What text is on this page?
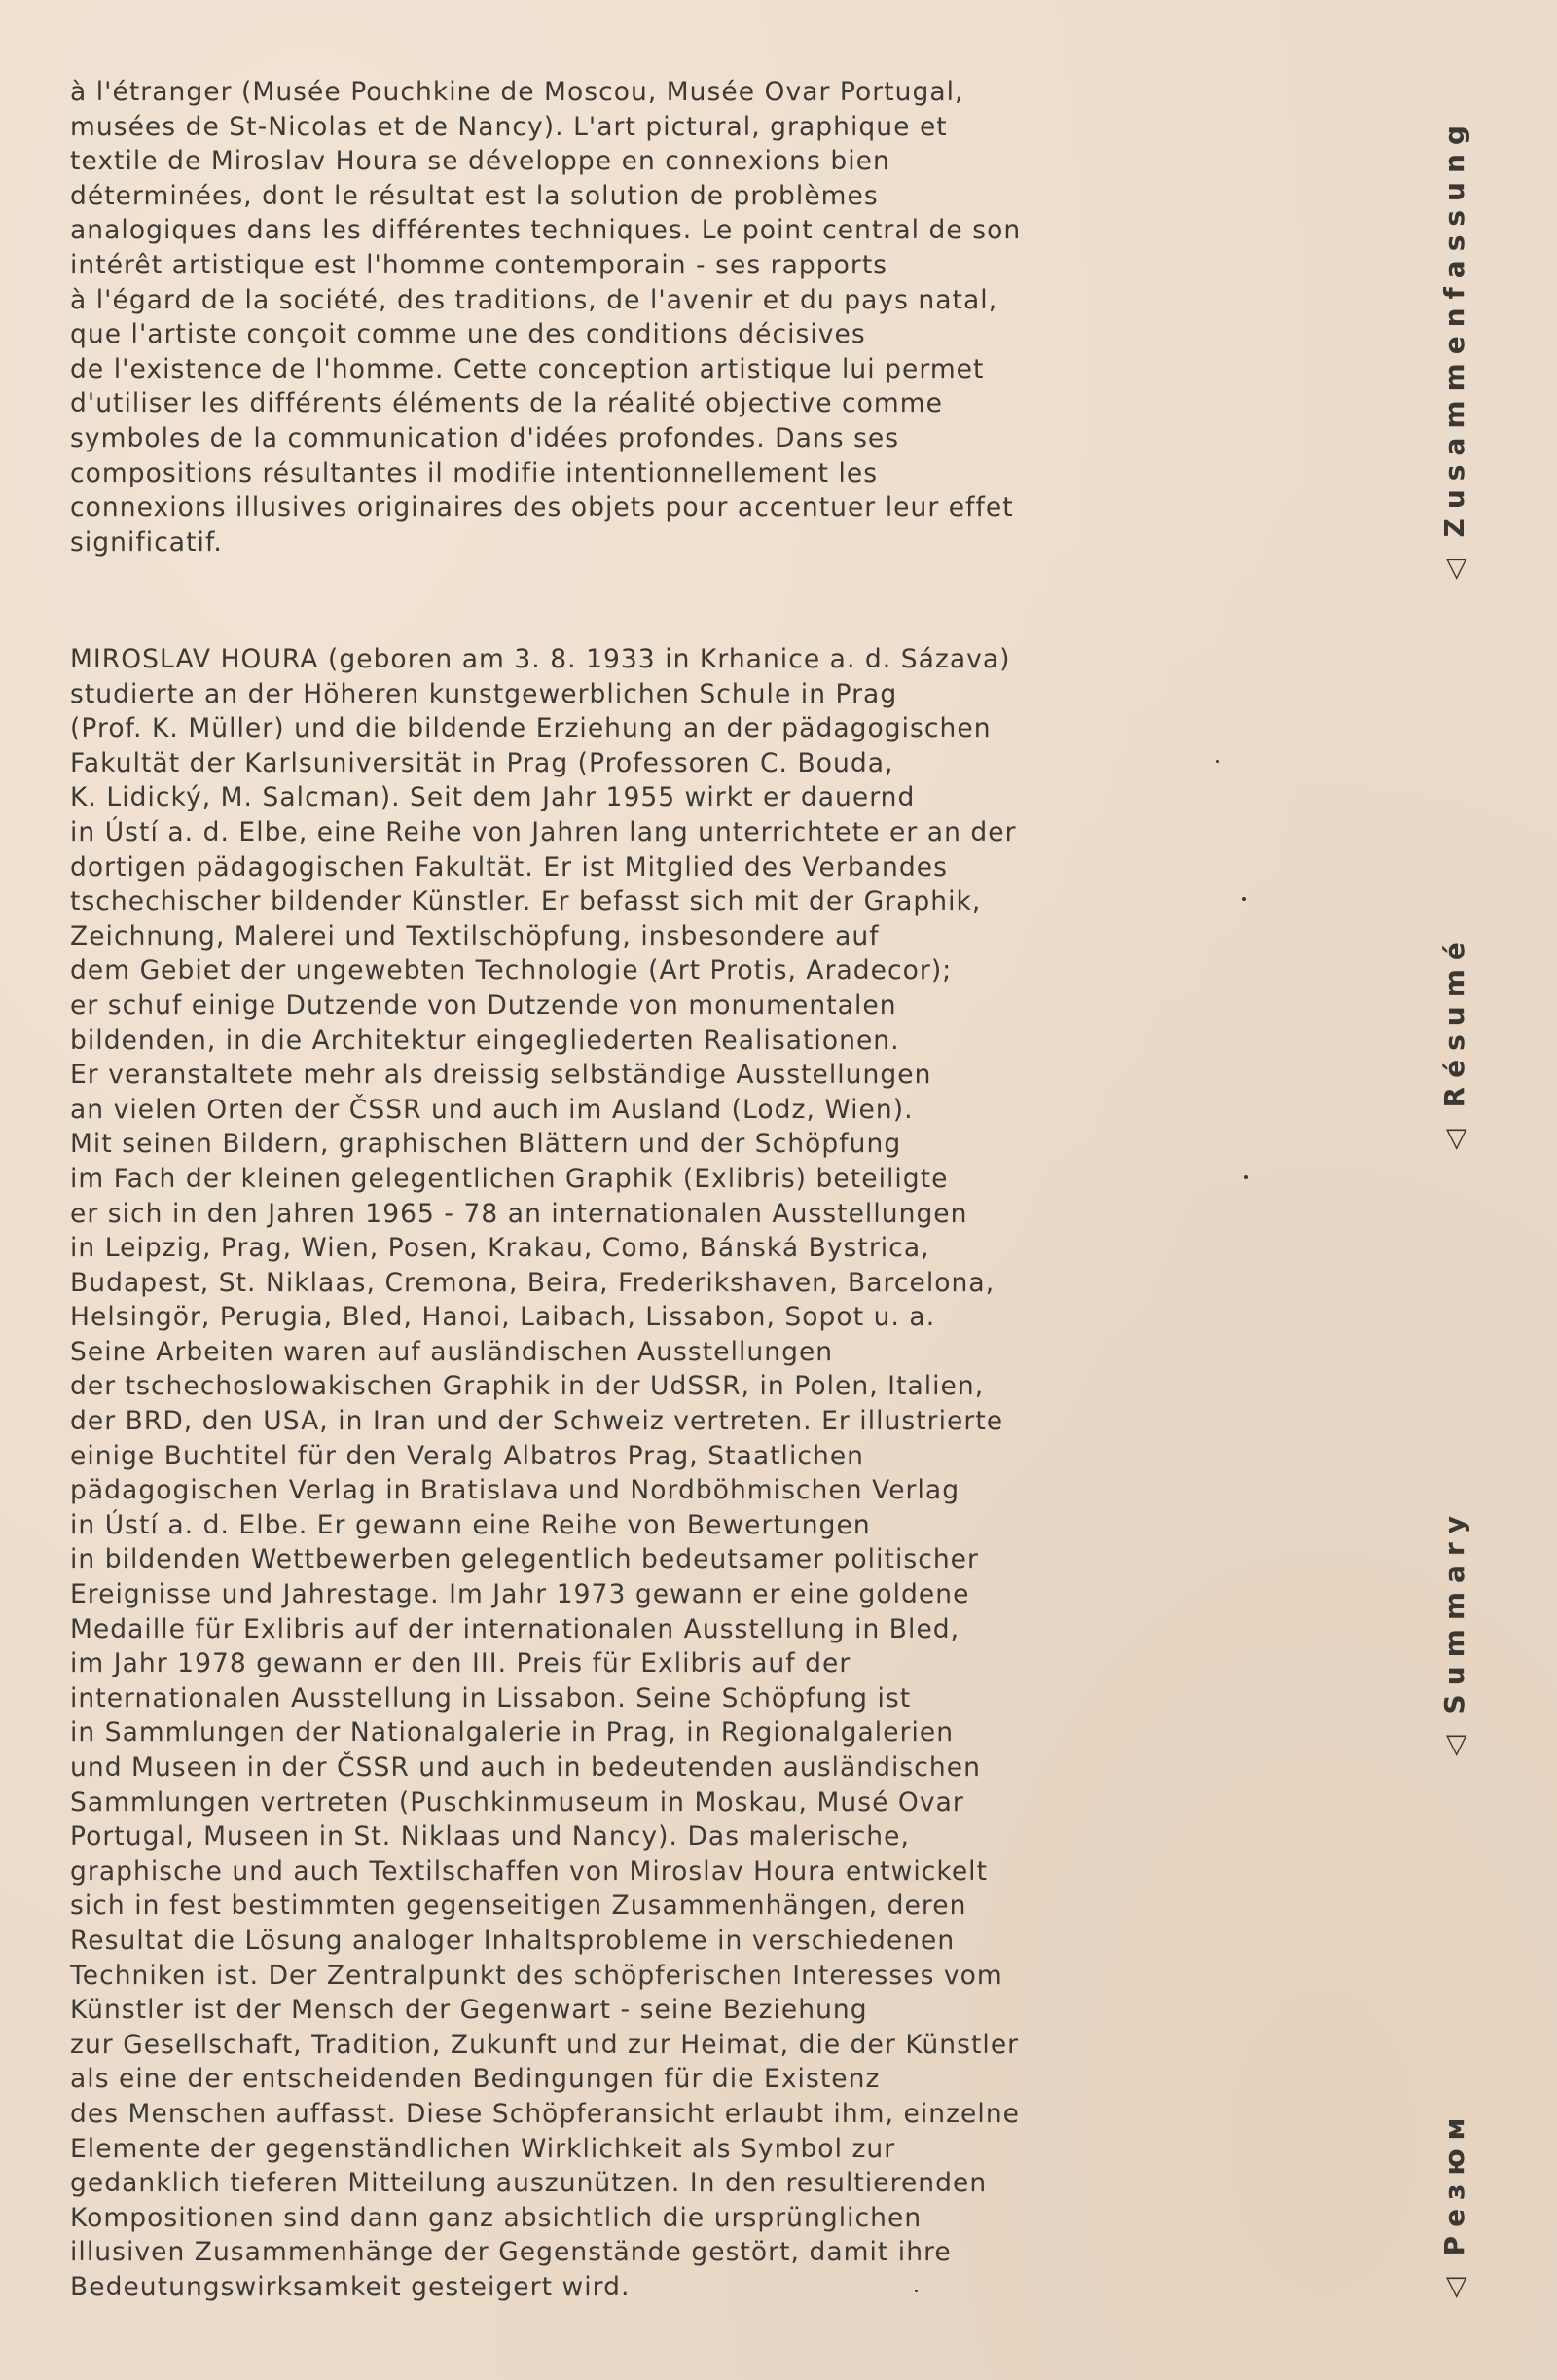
à l'étranger (Musée Pouchkine de Moscou, Musée Ovar Portugal,
musées de St-Nicolas et de Nancy). L'art pictural, graphique et
textile de Miroslav Houra se développe en connexions bien
déterminées, dont le résultat est la solution de problèmes
analogiques dans les différentes techniques. Le point central de son
intérêt artistique est l'homme contemporain - ses rapports
à l'égard de la société, des traditions, de l'avenir et du pays natal,
que l'artiste conçoit comme une des conditions décisives
de l'existence de l'homme. Cette conception artistique lui permet
d'utiliser les différents éléments de la réalité objective comme
symboles de la communication d'idées profondes. Dans ses
compositions résultantes il modifie intentionnellement les
connexions illusives originaires des objets pour accentuer leur effet
significatif.
MIROSLAV HOURA (geboren am 3. 8. 1933 in Krhanice a. d. Sázava)
studierte an der Höheren kunstgewerblichen Schule in Prag
(Prof. K. Müller) und die bildende Erziehung an der pädagogischen
Fakultät der Karlsuniversität in Prag (Professoren C. Bouda,
K. Lidický, M. Salcman). Seit dem Jahr 1955 wirkt er dauernd
in Ústí a. d. Elbe, eine Reihe von Jahren lang unterrichtete er an der
dortigen pädagogischen Fakultät. Er ist Mitglied des Verbandes
tschechischer bildender Künstler. Er befasst sich mit der Graphik,
Zeichnung, Malerei und Textilschöpfung, insbesondere auf
dem Gebiet der ungewebten Technologie (Art Protis, Aradecor);
er schuf einige Dutzende von Dutzende von monumentalen
bildenden, in die Architektur eingegliederten Realisationen.
Er veranstaltete mehr als dreissig selbständige Ausstellungen
an vielen Orten der ČSSR und auch im Ausland (Lodz, Wien).
Mit seinen Bildern, graphischen Blättern und der Schöpfung
im Fach der kleinen gelegentlichen Graphik (Exlibris) beteiligte
er sich in den Jahren 1965 - 78 an internationalen Ausstellungen
in Leipzig, Prag, Wien, Posen, Krakau, Como, Bánská Bystrica,
Budapest, St. Niklaas, Cremona, Beira, Frederikshaven, Barcelona,
Helsingör, Perugia, Bled, Hanoi, Laibach, Lissabon, Sopot u. a.
Seine Arbeiten waren auf ausländischen Ausstellungen
der tschechoslowakischen Graphik in der UdSSR, in Polen, Italien,
der BRD, den USA, in Iran und der Schweiz vertreten. Er illustrierte
einige Buchtitel für den Veralg Albatros Prag, Staatlichen
pädagogischen Verlag in Bratislava und Nordböhmischen Verlag
in Ústí a. d. Elbe. Er gewann eine Reihe von Bewertungen
in bildenden Wettbewerben gelegentlich bedeutsamer politischer
Ereignisse und Jahrestage. Im Jahr 1973 gewann er eine goldene
Medaille für Exlibris auf der internationalen Ausstellung in Bled,
im Jahr 1978 gewann er den III. Preis für Exlibris auf der
internationalen Ausstellung in Lissabon. Seine Schöpfung ist
in Sammlungen der Nationalgalerie in Prag, in Regionalgalerien
und Museen in der ČSSR und auch in bedeutenden ausländischen
Sammlungen vertreten (Puschkinmuseum in Moskau, Musé Ovar
Portugal, Museen in St. Niklaas und Nancy). Das malerische,
graphische und auch Textilschaffen von Miroslav Houra entwickelt
sich in fest bestimmten gegenseitigen Zusammenhängen, deren
Resultat die Lösung analoger Inhaltsprobleme in verschiedenen
Techniken ist. Der Zentralpunkt des schöpferischen Interesses vom
Künstler ist der Mensch der Gegenwart - seine Beziehung
zur Gesellschaft, Tradition, Zukunft und zur Heimat, die der Künstler
als eine der entscheidenden Bedingungen für die Existenz
des Menschen auffasst. Diese Schöpferansicht erlaubt ihm, einzelne
Elemente der gegenständlichen Wirklichkeit als Symbol zur
gedanklich tieferen Mitteilung auszunützen. In den resultierenden
Kompositionen sind dann ganz absichtlich die ursprünglichen
illusiven Zusammenhänge der Gegenstände gestört, damit ihre
Bedeutungswirksamkeit gesteigert wird.
◁Zusammenfassung
◁Résumé
◁Summary
◁Резюм
